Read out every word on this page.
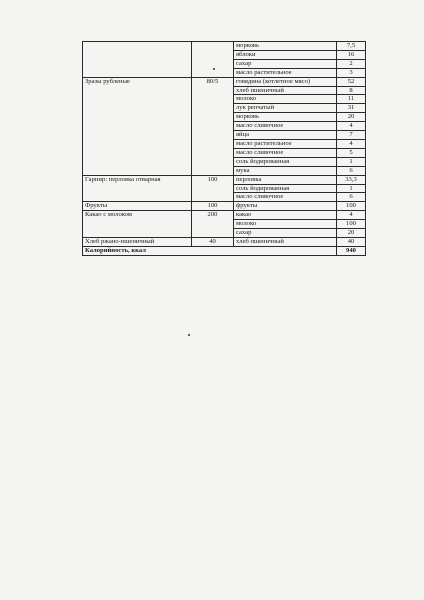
		морковь	7,5
		яблоки	16
		сахар	2
		масло растительное	3
Зразы рубленые	80/5	говядина (котлетное мясо)	52
		хлеб пшеничный	8
		молоко	11
		лук репчатый	31
		морковь	20
		масло сливочное	4
		яйца	7
		масло растительное	4
		масло сливочное	5
		соль йодированная	1
		мука	6
Гарнир: перловка отварная	100	перловка	33,3
		соль йодированная	1
		масло сливочное	6
Фрукты	100	фрукты	100
Какао с молоком	200	какао	4
		молоко	100
		сахар	20
Хлеб ржано-пшеничный	40	хлеб пшеничный	40
Калорийность, ккал			940
